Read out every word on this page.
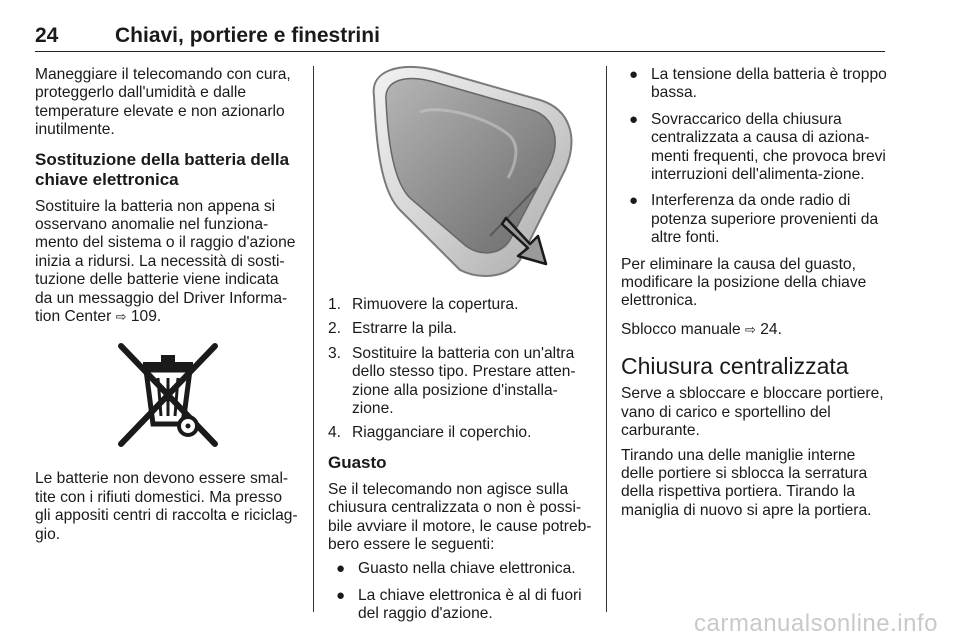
24	Chiavi, portiere e finestrini

Maneggiare il telecomando con cura, proteggerlo dall'umidità e dalle temperature elevate e non azionarlo inutilmente.

Sostituzione della batteria della chiave elettronica

Sostituire la batteria non appena si osservano anomalie nel funziona-mento del sistema o il raggio d'azione inizia a ridursi. La necessità di sosti-tuzione delle batterie viene indicata da un messaggio del Driver Informa-tion Center ⇨ 109.

Le batterie non devono essere smal-tite con i rifiuti domestici. Ma presso gli appositi centri di raccolta e riciclag-gio.

1. Rimuovere la copertura.
2. Estrarre la pila.
3. Sostituire la batteria con un'altra dello stesso tipo. Prestare atten-zione alla posizione d'installa-zione.
4. Riagganciare il coperchio.
Guasto

Se il telecomando non agisce sulla chiusura centralizzata o non è possi-bile avviare il motore, le cause potreb-bero essere le seguenti:

● Guasto nella chiave elettronica.
● La chiave elettronica è al di fuori del raggio d'azione.
● La tensione della batteria è troppo bassa.
● Sovraccarico della chiusura centralizzata a causa di aziona-menti frequenti, che provoca brevi interruzioni dell'alimenta-zione.
● Interferenza da onde radio di potenza superiore provenienti da altre fonti.

Per eliminare la causa del guasto, modificare la posizione della chiave elettronica.

Sblocco manuale ⇨ 24.

Chiusura centralizzata

Serve a sbloccare e bloccare portiere, vano di carico e sportellino del carburante.

Tirando una delle maniglie interne delle portiere si sblocca la serratura della rispettiva portiera. Tirando la maniglia di nuovo si apre la portiera.

carmanualsonline.info
